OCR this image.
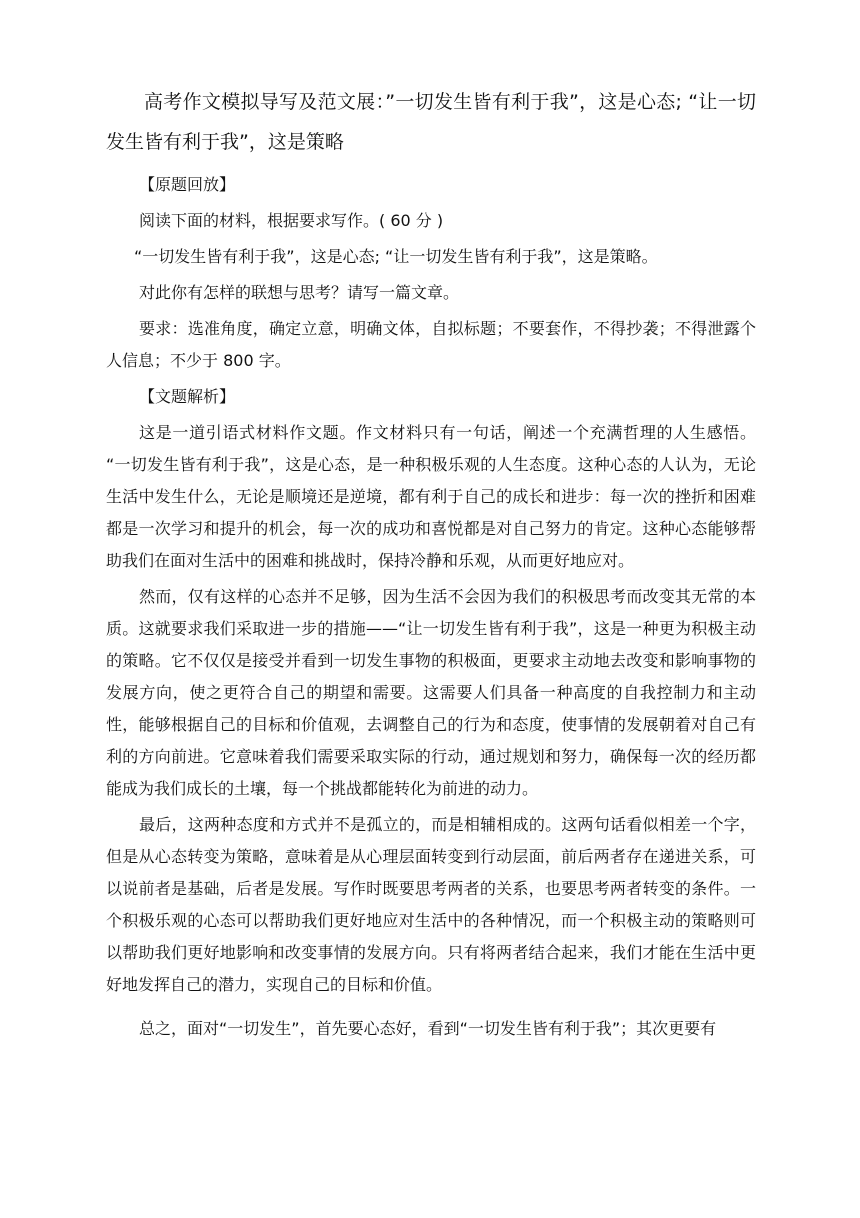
高考作文模拟导写及范文展：”一切发生皆有利于我”，这是心态; “让一切发生皆有利于我”，这是策略

【原题回放】

阅读下面的材料，根据要求写作。( 60 分 )

“一切发生皆有利于我”，这是心态; “让一切发生皆有利于我”，这是策略。

对此你有怎样的联想与思考？请写一篇文章。

要求：选准角度，确定立意，明确文体，自拟标题；不要套作，不得抄袭；不得泄露个人信息；不少于 800 字。

【文题解析】

这是一道引语式材料作文题。作文材料只有一句话，阐述一个充满哲理的人生感悟。 “一切发生皆有利于我”，这是心态，是一种积极乐观的人生态度。这种心态的人认为，无论生活中发生什么，无论是顺境还是逆境，都有利于自己的成长和进步：每一次的挫折和困难都是一次学习和提升的机会，每一次的成功和喜悦都是对自己努力的肯定。这种心态能够帮助我们在面对生活中的困难和挑战时，保持冷静和乐观，从而更好地应对。

然而，仅有这样的心态并不足够，因为生活不会因为我们的积极思考而改变其无常的本质。这就要求我们采取进一步的措施——“让一切发生皆有利于我”，这是一种更为积极主动的策略。它不仅仅是接受并看到一切发生事物的积极面，更要求主动地去改变和影响事物的发展方向，使之更符合自己的期望和需要。这需要人们具备一种高度的自我控制力和主动性，能够根据自己的目标和价值观，去调整自己的行为和态度，使事情的发展朝着对自己有利的方向前进。它意味着我们需要采取实际的行动，通过规划和努力，确保每一次的经历都能成为我们成长的土壤，每一个挑战都能转化为前进的动力。

最后，这两种态度和方式并不是孤立的，而是相辅相成的。这两句话看似相差一个字，但是从心态转变为策略，意味着是从心理层面转变到行动层面，前后两者存在递进关系，可以说前者是基础，后者是发展。写作时既要思考两者的关系，也要思考两者转变的条件。一个积极乐观的心态可以帮助我们更好地应对生活中的各种情况，而一个积极主动的策略则可以帮助我们更好地影响和改变事情的发展方向。只有将两者结合起来，我们才能在生活中更好地发挥自己的潜力，实现自己的目标和价值。

总之，面对“一切发生”，首先要心态好，看到“一切发生皆有利于我”；其次更要有
